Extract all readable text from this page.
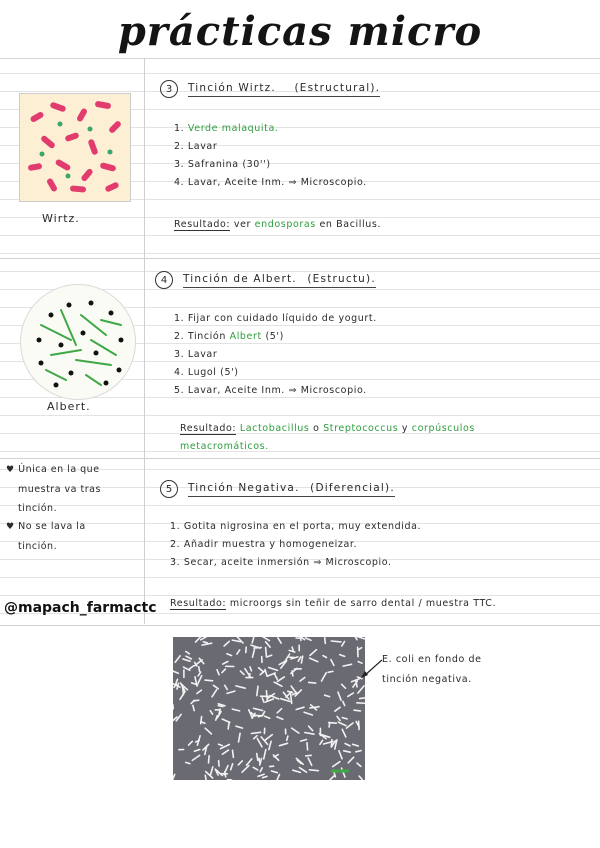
prácticas micro
Wirtz.
Albert.
3	Tinción Wirtz. (Estructural).
1. Verde malaquita.
2. Lavar
3. Safranina (30'')
4. Lavar, Aceite Inm. ⇒ Microscopio.
Resultado: ver endosporas en Bacillus.
4	Tinción de Albert. (Estructu).
1. Fijar con cuidado líquido de yogurt.
2. Tinción Albert (5')
3. Lavar
4. Lugol (5')
5. Lavar, Aceite Inm. ⇒ Microscopio.
Resultado: Lactobacillus o Streptococcus y corpúsculos
metacromáticos.
♥ Única en la que
muestra va tras
tinción.
♥ No se lava la
tinción.
5	Tinción Negativa. (Diferencial).
1. Gotita nigrosina en el porta, muy extendida.
2. Añadir muestra y homogeneizar.
3. Secar, aceite inmersión ⇒ Microscopio.
Resultado: microorgs sin teñir de sarro dental / muestra TTC.
@mapach_farmactc
E. coli en fondo de
tinción negativa.
